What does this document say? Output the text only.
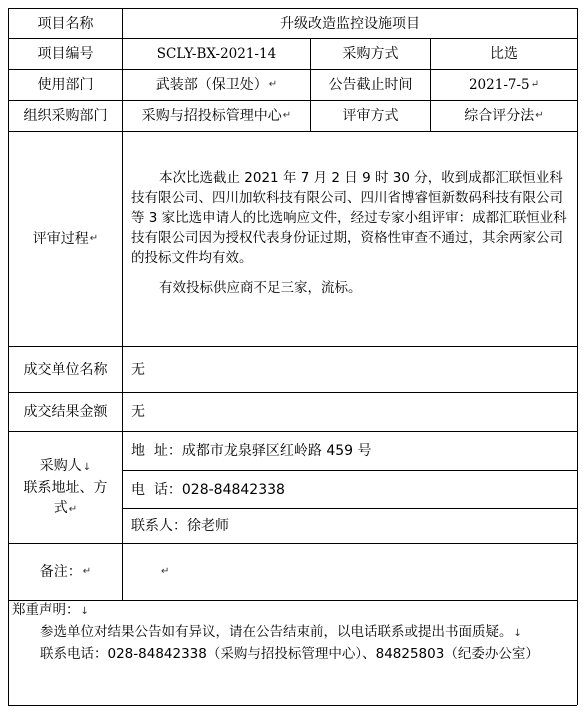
项目名称	升级改造监控设施项目
项目编号	SCLY-BX-2021-14	采购方式	比选
使用部门	武装部（保卫处） ↵	公告截止时间	2021-7-5 ↵
组织采购部门 采购与招投标管理中心 ↵	评审方式	综合评分法 ↵
评审过程 ↵

本次比选截止 2021 年 7 月 2 日 9 时 30 分，收到成都汇联恒业科技有限公司、四川加软科技有限公司、四川省博睿恒新数码科技有限公司等 3 家比选申请人的比选响应文件，经过专家小组评审：成都汇联恒业科技有限公司因为授权代表身份证过期，资格性审查不通过，其余两家公司的投标文件均有效。

有效投标供应商不足三家，流标。

成交单位名称 无
成交结果金额 无
采购人↓
联系地址、方
式↵
地  址：成都市龙泉驿区红岭路 459 号
电  话：028-84842338
联系人：徐老师
备注： ↵	↵

郑重声明：↓

参选单位对结果公告如有异议，请在公告结束前，以电话联系或提出书面质疑。↓

联系电话：028-84842338（采购与招投标管理中心）、84825803（纪委办公室）
